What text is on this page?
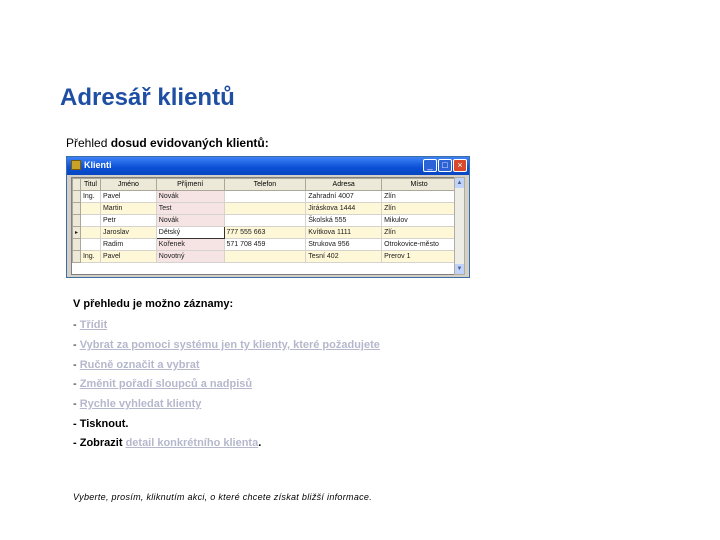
Adresář klientů
Přehled dosud evidovaných klientů:
Klienti	_	□	×
	Titul	Jméno	Příjmení	Telefon	Adresa	Místo
	Ing.	Pavel	Novák		Zahradní 4007	Zlín
		Martin	Test		Jiráskova 1444	Zlín
		Petr	Novák		Školská 555	Mikulov
▸		Jaroslav	Dětský	777 555 663	Kvítkova 1111	Zlín
		Radim	Kořenek	571 708 459	Strukova 956	Otrokovice-město
	Ing.	Pavel	Novotný		Tesní 402	Prerov 1
▲
▼
V přehledu je možno záznamy:
- Třídit
- Vybrat za pomoci systému jen ty klienty, které požadujete
- Ručně označit a vybrat
- Změnit pořadí sloupců a nadpisů
- Rychle vyhledat klienty
- Tisknout.
- Zobrazit detail konkrétního klienta.
Vyberte, prosím, kliknutím akci, o které chcete získat bližší informace.
